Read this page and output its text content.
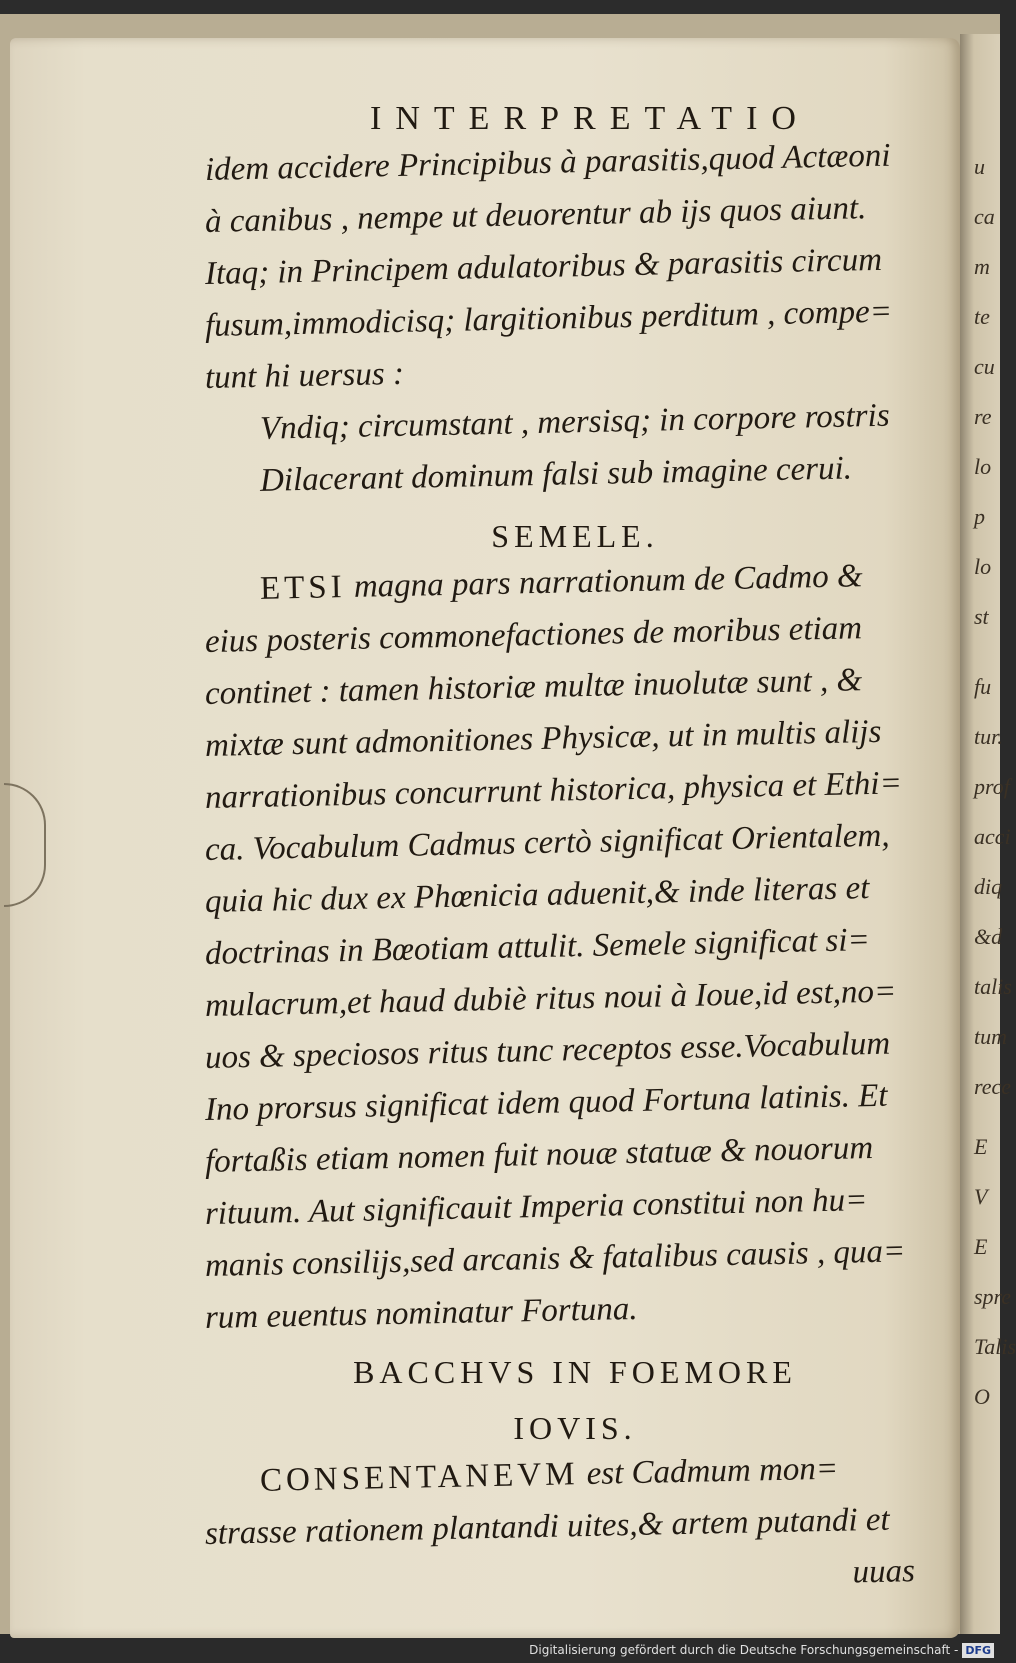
u
ca
m
te
cu
re
lo
p
lo
st
fu
tur.
prof
acci
diq
&d
talis
tum
rece
E
V
E
spre
Talis
O
INTERPRETATIO
idem accidere Principibus à parasitis,quod Actæoni
à canibus , nempe ut deuorentur ab ijs quos aiunt.
Itaq; in Principem adulatoribus & parasitis circum
fusum,immodicisq; largitionibus perditum , compe=
tunt hi uersus :
Vndiq; circumstant , mersisq; in corpore rostris
Dilacerant dominum falsi sub imagine cerui.
SEMELE.
ETSI magna pars narrationum de Cadmo &
eius posteris commonefactiones de moribus etiam
continet : tamen historiæ multæ inuolutæ sunt , &
mixtæ sunt admonitiones Physicæ, ut in multis alijs
narrationibus concurrunt historica, physica et Ethi=
ca. Vocabulum Cadmus certò significat Orientalem,
quia hic dux ex Phœnicia aduenit,& inde literas et
doctrinas in Bœotiam attulit. Semele significat si=
mulacrum,et haud dubiè ritus noui à Ioue,id est,no=
uos & speciosos ritus tunc receptos esse.Vocabulum
Ino prorsus significat idem quod Fortuna latinis. Et
fortaßis etiam nomen fuit nouæ statuæ & nouorum
rituum. Aut significauit Imperia constitui non hu=
manis consilijs,sed arcanis & fatalibus causis , qua=
rum euentus nominatur Fortuna.
BACCHVS IN FOEMORE
IOVIS.
CONSENTANEVM est Cadmum mon=
strasse rationem plantandi uites,& artem putandi et
uuas
Digitalisierung gefördert durch die Deutsche Forschungsgemeinschaft - DFG
